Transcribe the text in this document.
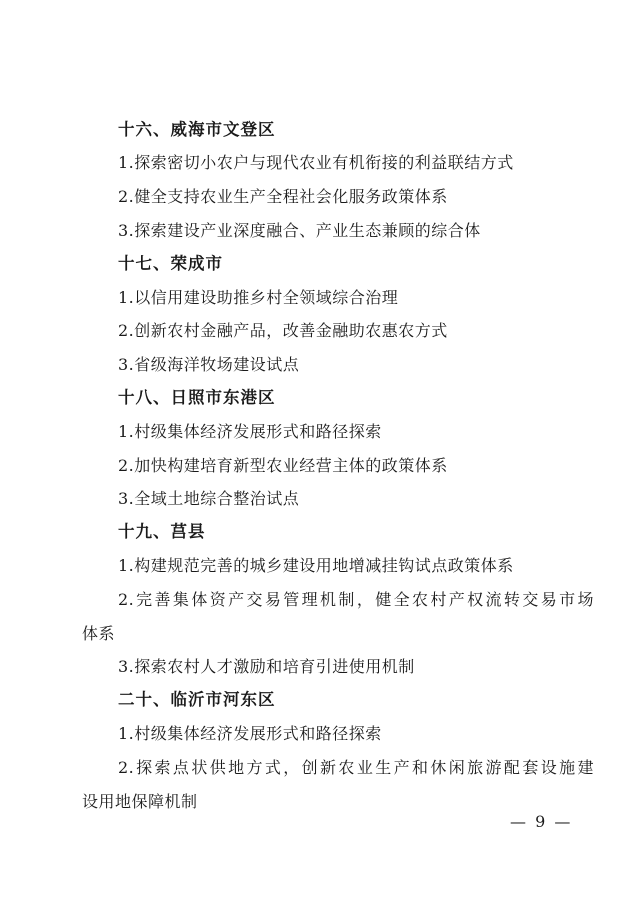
十六、威海市文登区
1.探索密切小农户与现代农业有机衔接的利益联结方式
2.健全支持农业生产全程社会化服务政策体系
3.探索建设产业深度融合、产业生态兼顾的综合体
十七、荣成市
1.以信用建设助推乡村全领域综合治理
2.创新农村金融产品，改善金融助农惠农方式
3.省级海洋牧场建设试点
十八、日照市东港区
1.村级集体经济发展形式和路径探索
2.加快构建培育新型农业经营主体的政策体系
3.全域土地综合整治试点
十九、莒县
1.构建规范完善的城乡建设用地增减挂钩试点政策体系
2.完善集体资产交易管理机制，健全农村产权流转交易市场
体系
3.探索农村人才激励和培育引进使用机制
二十、临沂市河东区
1.村级集体经济发展形式和路径探索
2.探索点状供地方式，创新农业生产和休闲旅游配套设施建
设用地保障机制
— 9 —
